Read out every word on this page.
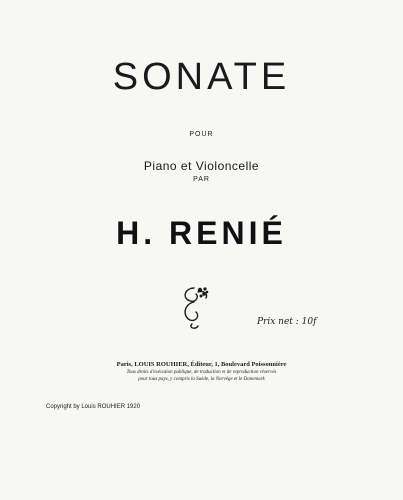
SONATE
POUR
Piano et Violoncelle
PAR
H. RENIÉ
Prix net : 10f
Paris, LOUIS ROUHIER, Éditeur, 1, Boulevard Poissonnière
Tous droits d'exécution publique, de traduction et de reproduction réservés
pour tous pays, y compris la Suède, la Norvège et le Danemark
Copyright by Louis ROUHIER 1920
